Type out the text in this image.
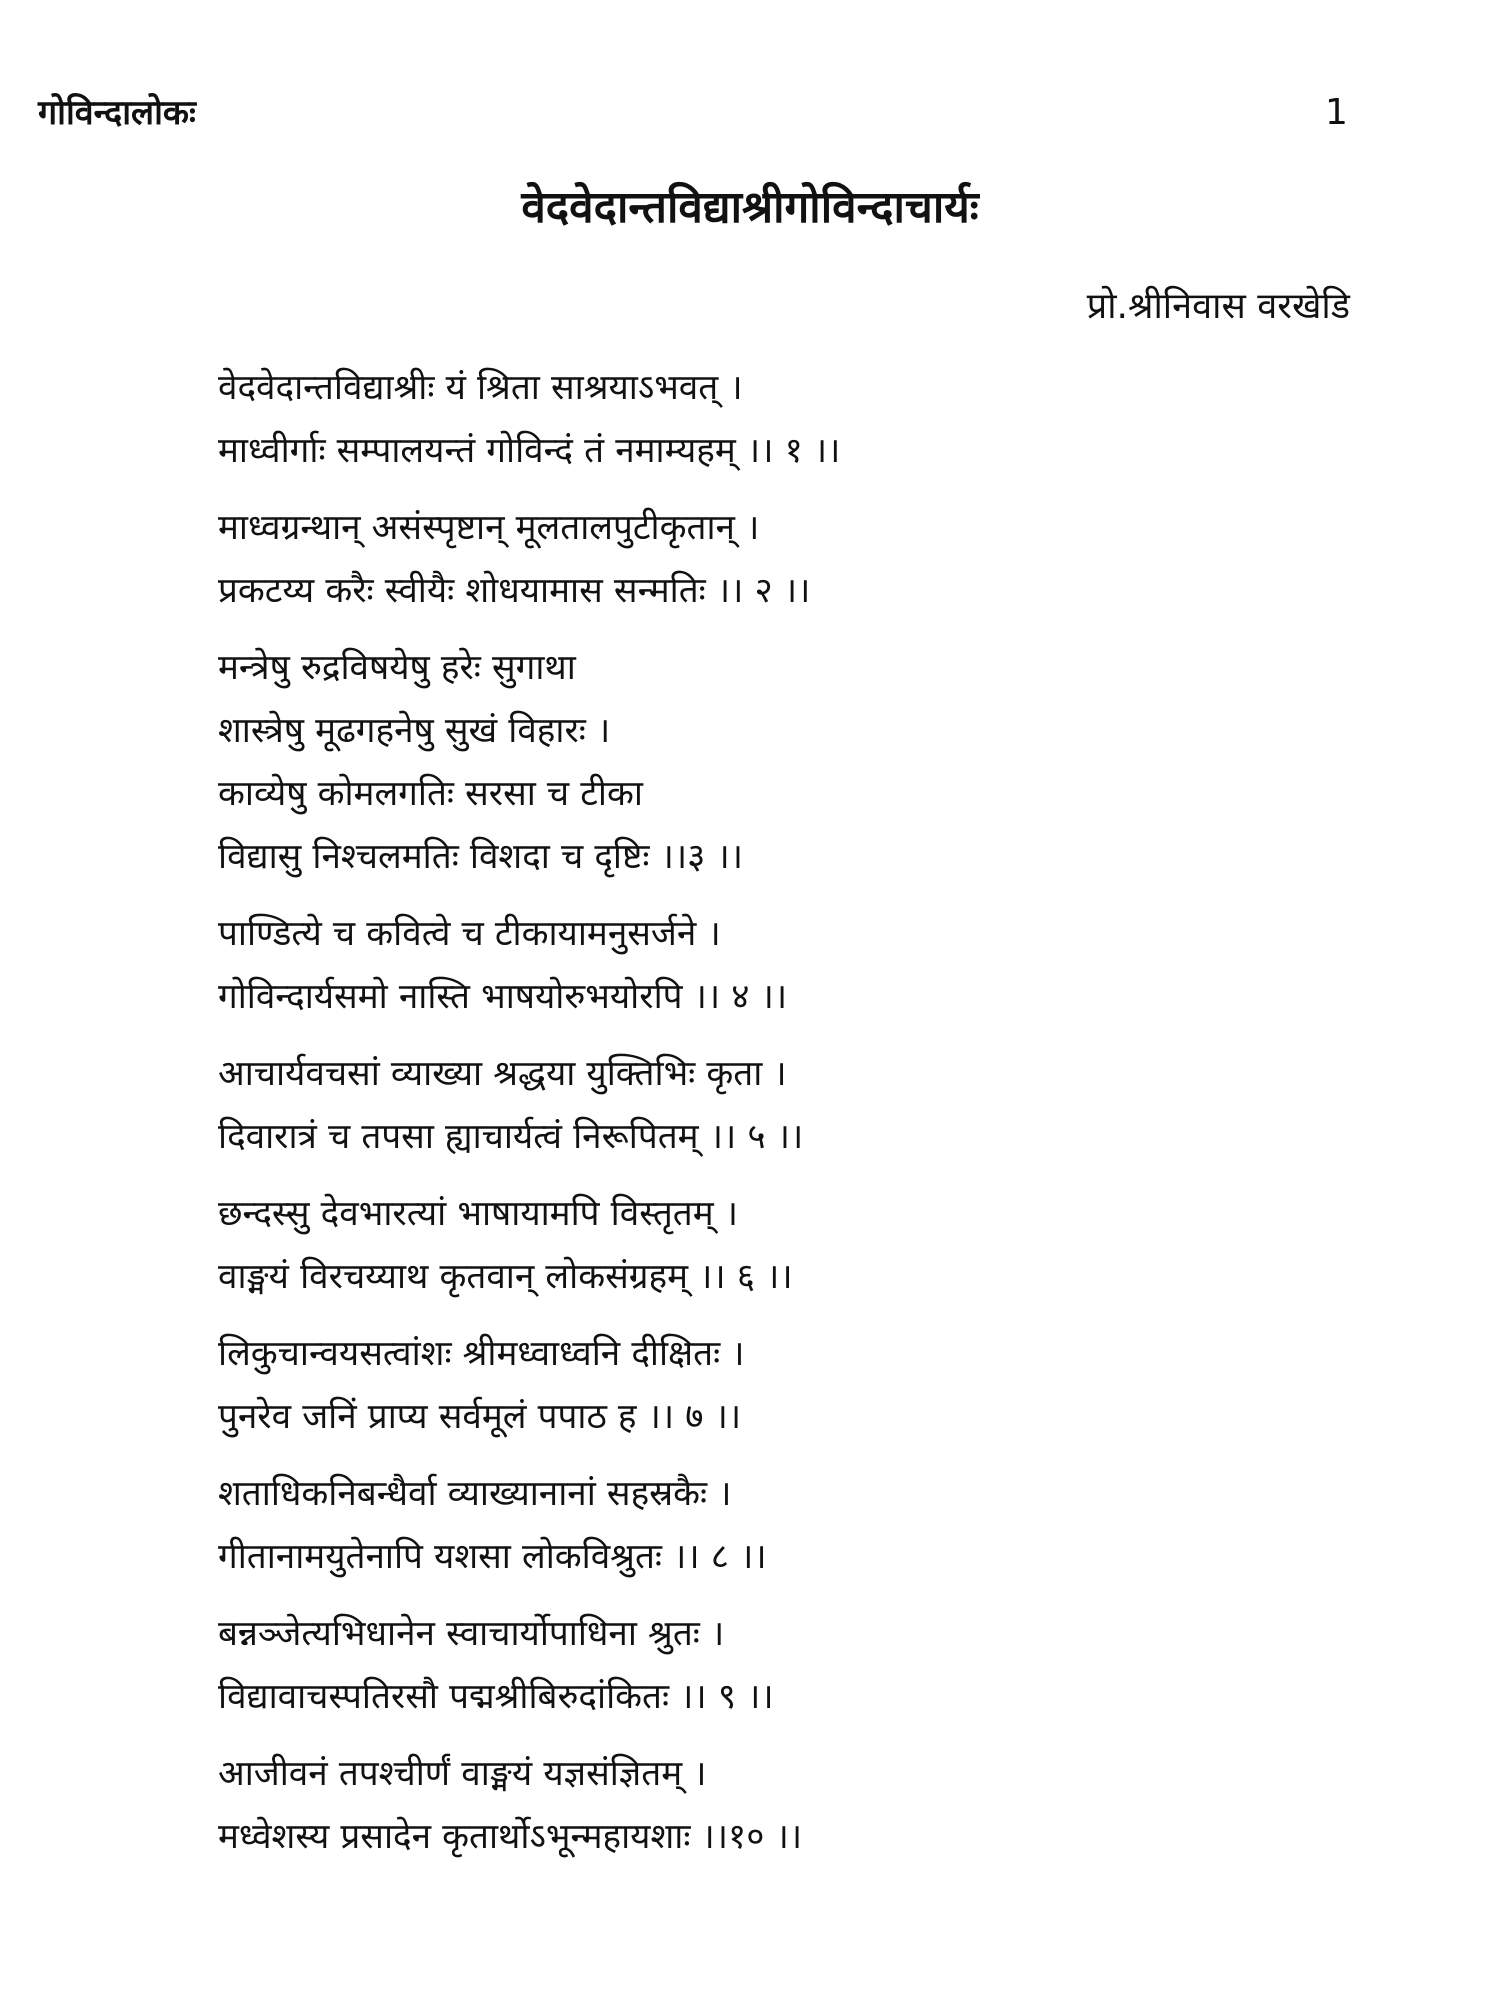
गोविन्दालोकः	1
वेदवेदान्तविद्याश्रीगोविन्दाचार्यः
प्रो.श्रीनिवास वरखेडि
वेदवेदान्तविद्याश्रीः यं श्रिता साश्रयाऽभवत् ।
माध्वीर्गाः सम्पालयन्तं गोविन्दं तं नमाम्यहम् ।। १ ।।
माध्वग्रन्थान् असंस्पृष्टान् मूलतालपुटीकृतान् ।
प्रकटय्य करैः स्वीयैः शोधयामास सन्मतिः ।। २ ।।
मन्त्रेषु रुद्रविषयेषु हरेः सुगाथा
शास्त्रेषु मूढगहनेषु सुखं विहारः ।
काव्येषु कोमलगतिः सरसा च टीका
विद्यासु निश्चलमतिः विशदा च दृष्टिः ।।३ ।।
पाण्डित्ये च कवित्वे च टीकायामनुसर्जने ।
गोविन्दार्यसमो नास्ति भाषयोरुभयोरपि ।। ४ ।।
आचार्यवचसां व्याख्या श्रद्धया युक्तिभिः कृता ।
दिवारात्रं च तपसा ह्याचार्यत्वं निरूपितम् ।। ५ ।।
छन्दस्सु देवभारत्यां भाषायामपि विस्तृतम् ।
वाङ्मयं विरचय्याथ कृतवान् लोकसंग्रहम् ।। ६ ।।
लिकुचान्वयसत्वांशः श्रीमध्वाध्वनि दीक्षितः ।
पुनरेव जनिं प्राप्य सर्वमूलं पपाठ ह ।। ७ ।।
शताधिकनिबन्धैर्वा व्याख्यानानां सहस्रकैः ।
गीतानामयुतेनापि यशसा लोकविश्रुतः ।। ८ ।।
बन्नञ्जेत्यभिधानेन स्वाचार्योपाधिना श्रुतः ।
विद्यावाचस्पतिरसौ पद्मश्रीबिरुदांकितः ।। ९ ।।
आजीवनं तपश्चीर्णं वाङ्मयं यज्ञसंज्ञितम् ।
मध्वेशस्य प्रसादेन कृतार्थोऽभून्महायशाः ।।१० ।।
